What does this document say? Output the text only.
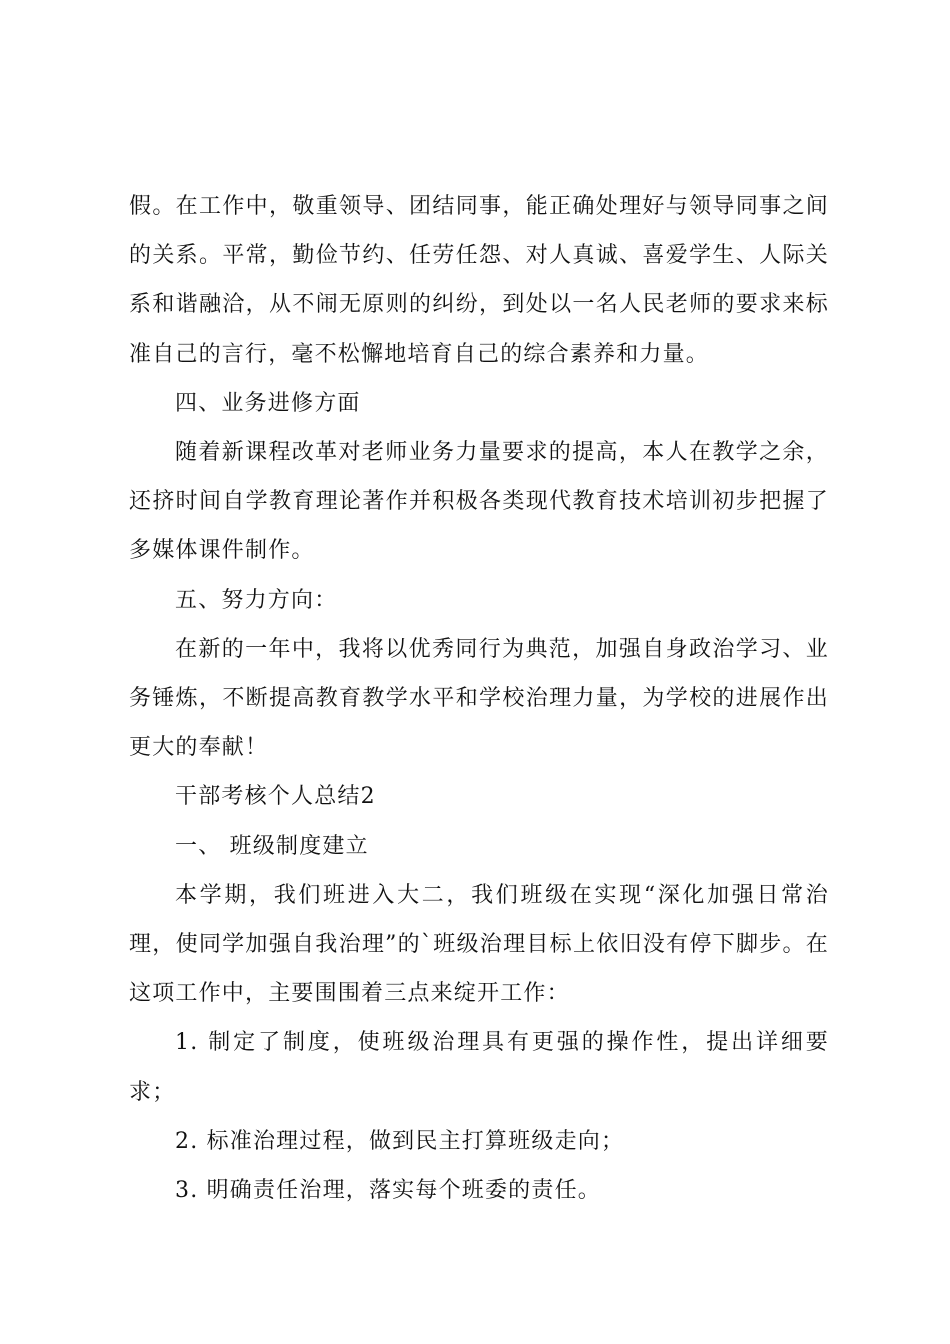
假。在工作中，敬重领导、团结同事，能正确处理好与领导同事之间的关系。平常，勤俭节约、任劳任怨、对人真诚、喜爱学生、人际关系和谐融洽，从不闹无原则的纠纷，到处以一名人民老师的要求来标准自己的言行，毫不松懈地培育自己的综合素养和力量。

四、业务进修方面

随着新课程改革对老师业务力量要求的提高，本人在教学之余，还挤时间自学教育理论著作并积极各类现代教育技术培训初步把握了多媒体课件制作。

五、努力方向：

在新的一年中，我将以优秀同行为典范，加强自身政治学习、业务锤炼，不断提高教育教学水平和学校治理力量，为学校的进展作出更大的奉献！

干部考核个人总结2

一、 班级制度建立

本学期，我们班进入大二，我们班级在实现“深化加强日常治理，使同学加强自我治理”的`班级治理目标上依旧没有停下脚步。在这项工作中，主要围围着三点来绽开工作：

1. 制定了制度，使班级治理具有更强的操作性，提出详细要求；

2. 标准治理过程，做到民主打算班级走向；

3. 明确责任治理，落实每个班委的责任。
